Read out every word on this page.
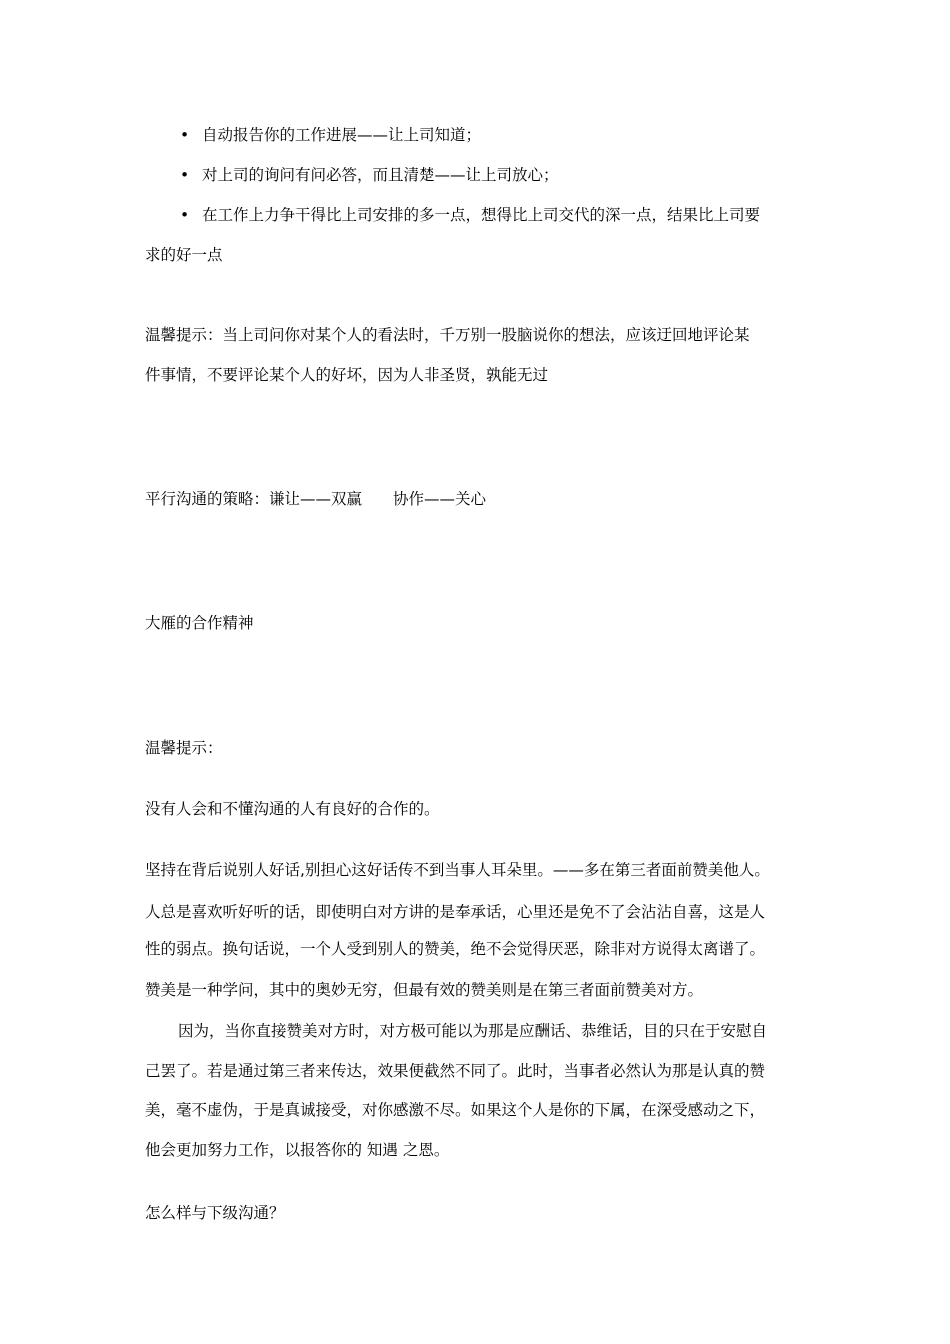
• 自动报告你的工作进展——让上司知道；
• 对上司的询问有问必答，而且清楚——让上司放心；
• 在工作上力争干得比上司安排的多一点，想得比上司交代的深一点，结果比上司要
求的好一点
温馨提示：当上司问你对某个人的看法时，千万别一股脑说你的想法，应该迂回地评论某
件事情，不要评论某个人的好坏，因为人非圣贤，孰能无过
平行沟通的策略：谦让——双赢　　协作——关心
大雁的合作精神
温馨提示：
没有人会和不懂沟通的人有良好的合作的。
坚持在背后说别人好话,别担心这好话传不到当事人耳朵里。——多在第三者面前赞美他人。
人总是喜欢听好听的话，即使明白对方讲的是奉承话，心里还是免不了会沾沾自喜，这是人
性的弱点。换句话说，一个人受到别人的赞美，绝不会觉得厌恶，除非对方说得太离谱了。
赞美是一种学问，其中的奥妙无穷，但最有效的赞美则是在第三者面前赞美对方。
因为，当你直接赞美对方时，对方极可能以为那是应酬话、恭维话，目的只在于安慰自
己罢了。若是通过第三者来传达，效果便截然不同了。此时，当事者必然认为那是认真的赞
美，毫不虚伪，于是真诚接受，对你感激不尽。如果这个人是你的下属，在深受感动之下，
他会更加努力工作，以报答你的 知遇 之恩。
怎么样与下级沟通？
